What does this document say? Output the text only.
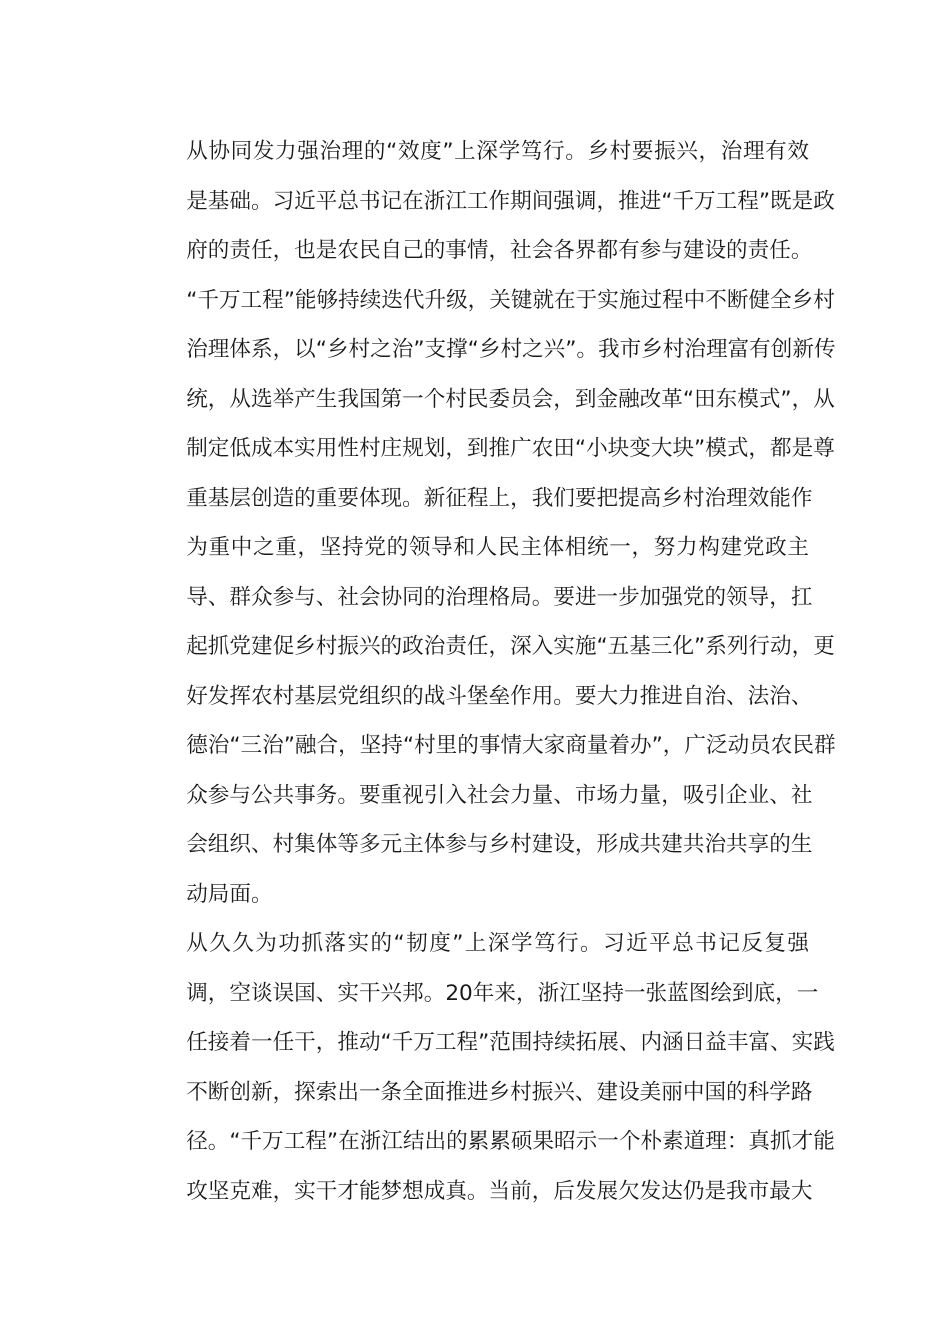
从协同发力强治理的“效度”上深学笃行。乡村要振兴，治理有效
是基础。习近平总书记在浙江工作期间强调，推进“千万工程”既是政
府的责任，也是农民自己的事情，社会各界都有参与建设的责任。
“千万工程”能够持续迭代升级，关键就在于实施过程中不断健全乡村
治理体系，以“乡村之治”支撑“乡村之兴”。我市乡村治理富有创新传
统，从选举产生我国第一个村民委员会，到金融改革“田东模式”，从
制定低成本实用性村庄规划，到推广农田“小块变大块”模式，都是尊
重基层创造的重要体现。新征程上，我们要把提高乡村治理效能作
为重中之重，坚持党的领导和人民主体相统一，努力构建党政主
导、群众参与、社会协同的治理格局。要进一步加强党的领导，扛
起抓党建促乡村振兴的政治责任，深入实施“五基三化”系列行动，更
好发挥农村基层党组织的战斗堡垒作用。要大力推进自治、法治、
德治“三治”融合，坚持“村里的事情大家商量着办”，广泛动员农民群
众参与公共事务。要重视引入社会力量、市场力量，吸引企业、社
会组织、村集体等多元主体参与乡村建设，形成共建共治共享的生
动局面。

从久久为功抓落实的“韧度”上深学笃行。习近平总书记反复强
调，空谈误国、实干兴邦。20年来，浙江坚持一张蓝图绘到底，一
任接着一任干，推动“千万工程”范围持续拓展、内涵日益丰富、实践
不断创新，探索出一条全面推进乡村振兴、建设美丽中国的科学路
径。“千万工程”在浙江结出的累累硕果昭示一个朴素道理：真抓才能
攻坚克难，实干才能梦想成真。当前，后发展欠发达仍是我市最大
